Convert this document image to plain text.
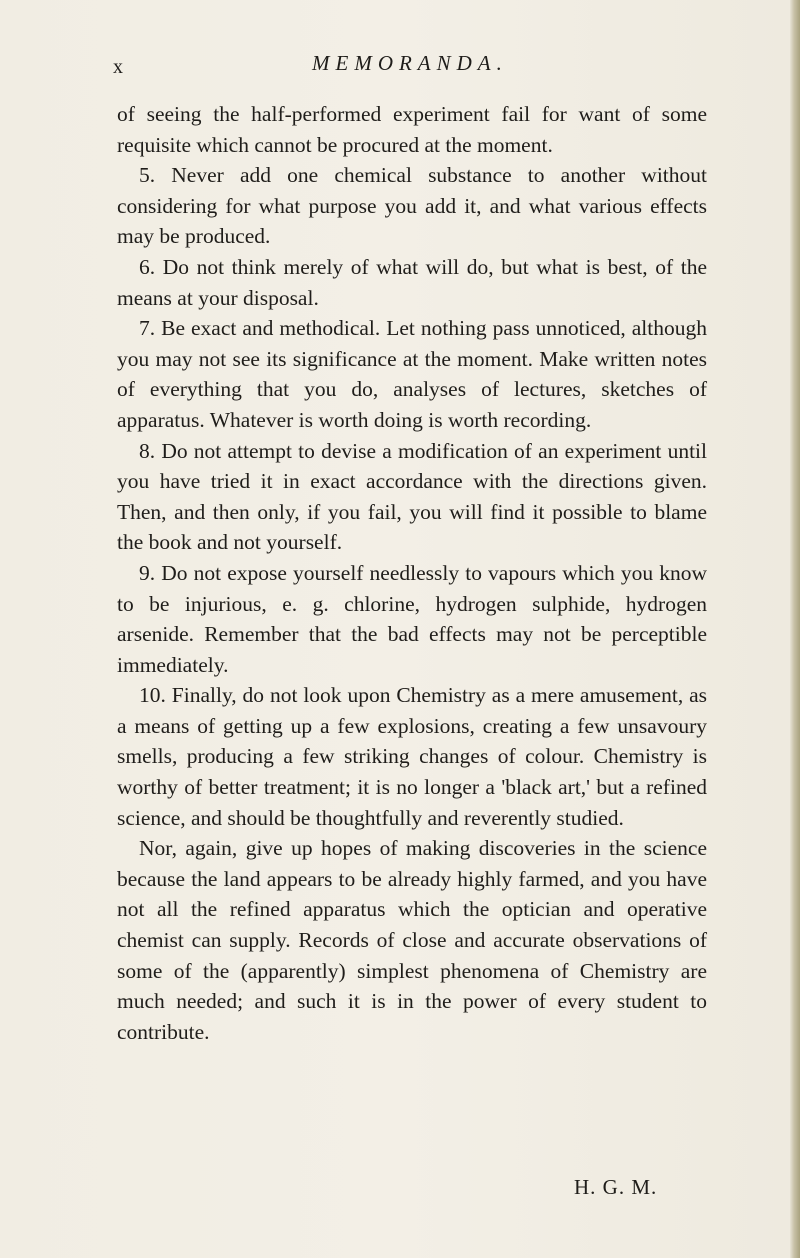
x	MEMORANDA.

of seeing the half-performed experiment fail for want of some requisite which cannot be procured at the moment.

5. Never add one chemical substance to another without considering for what purpose you add it, and what various effects may be produced.

6. Do not think merely of what will do, but what is best, of the means at your disposal.

7. Be exact and methodical. Let nothing pass unnoticed, although you may not see its significance at the moment. Make written notes of everything that you do, analyses of lectures, sketches of apparatus. Whatever is worth doing is worth recording.

8. Do not attempt to devise a modification of an experiment until you have tried it in exact accordance with the directions given. Then, and then only, if you fail, you will find it possible to blame the book and not yourself.

9. Do not expose yourself needlessly to vapours which you know to be injurious, e. g. chlorine, hydrogen sulphide, hydrogen arsenide. Remember that the bad effects may not be perceptible immediately.

10. Finally, do not look upon Chemistry as a mere amusement, as a means of getting up a few explosions, creating a few unsavoury smells, producing a few striking changes of colour. Chemistry is worthy of better treatment; it is no longer a 'black art,' but a refined science, and should be thoughtfully and reverently studied.

Nor, again, give up hopes of making discoveries in the science because the land appears to be already highly farmed, and you have not all the refined apparatus which the optician and operative chemist can supply. Records of close and accurate observations of some of the (apparently) simplest phenomena of Chemistry are much needed; and such it is in the power of every student to contribute.

H. G. M.
